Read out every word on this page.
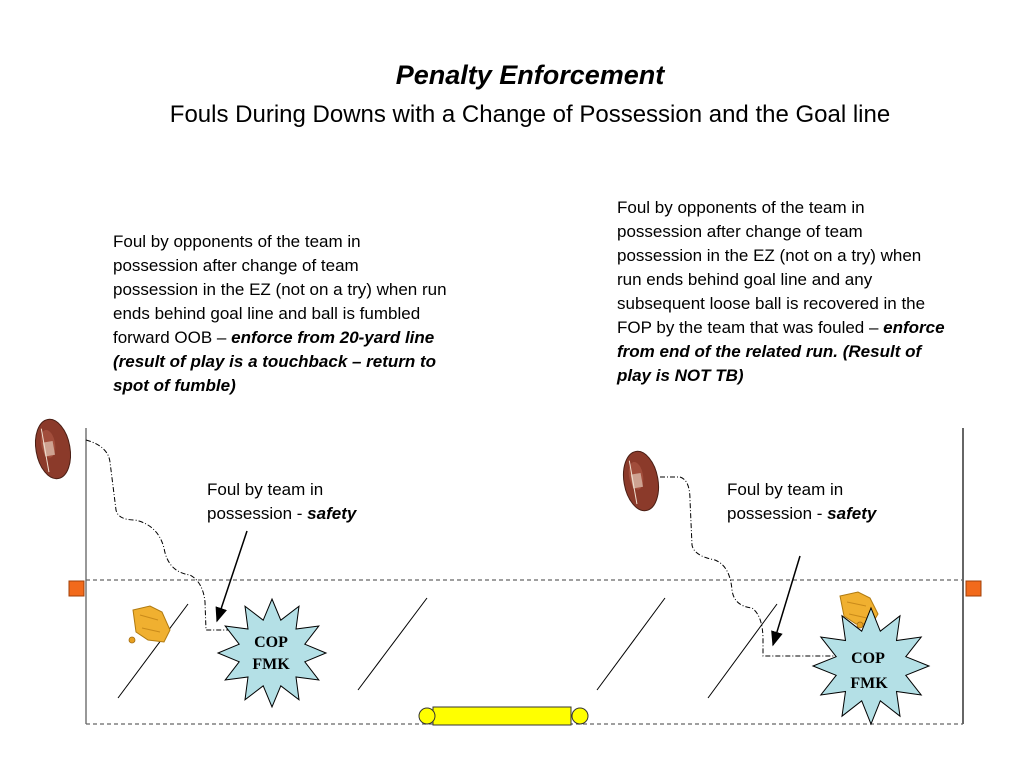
Penalty Enforcement
Fouls During Downs with a Change of Possession and the Goal line
Foul by opponents of the team in possession after change of team possession in the EZ (not on a try) when run ends behind goal line and ball is fumbled forward OOB – enforce from 20-yard line (result of play is a touchback – return to spot of fumble)
Foul by opponents of the team in possession after change of team possession in the EZ (not on a try) when run ends behind goal line and any subsequent loose ball is recovered in the FOP by the team that was fouled – enforce from end of the related run. (Result of play is NOT TB)
Foul by team in possession - safety
Foul by team in possession - safety
COP
FMK	COP
FMK
